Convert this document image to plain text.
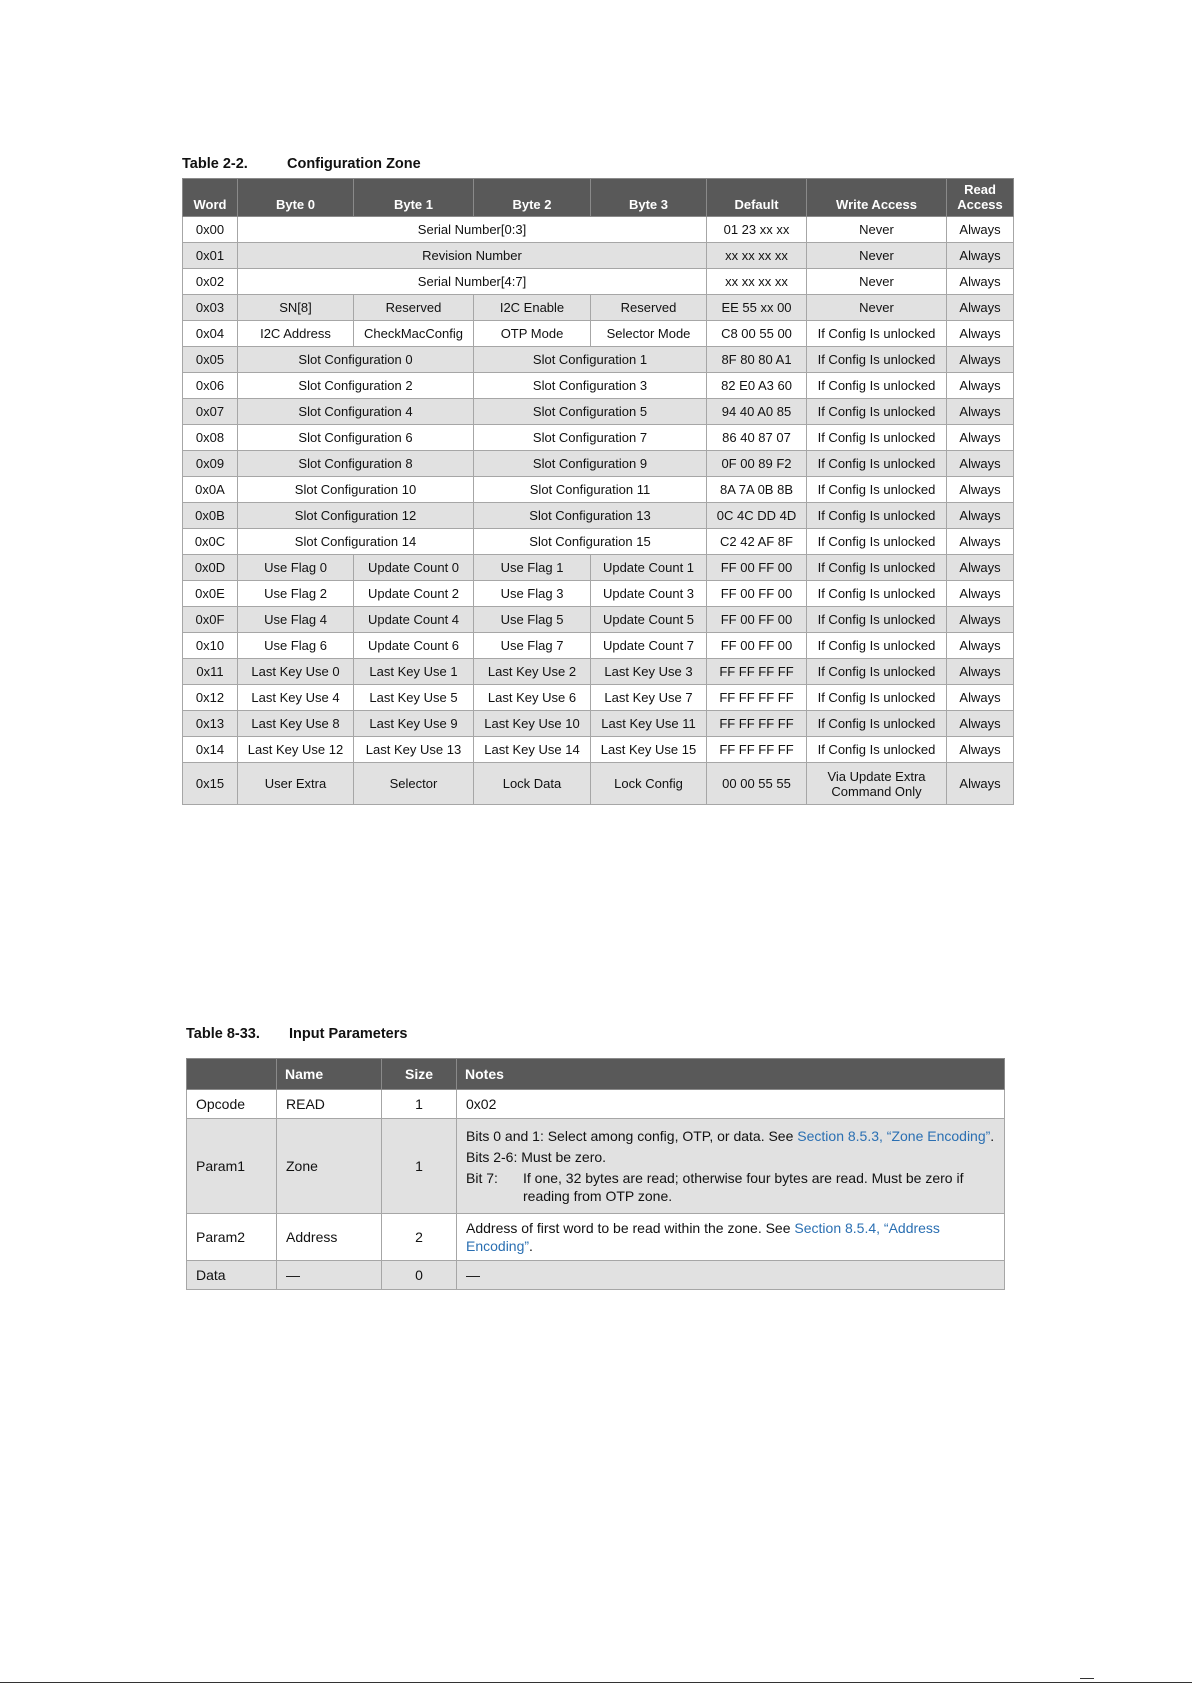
Table 2-2.	Configuration Zone
Word	Byte 0	Byte 1	Byte 2	Byte 3	Default	Write Access	Read
Access
0x00	Serial Number[0:3]				01 23 xx xx	Never	Always
0x01	Revision Number				xx xx xx xx	Never	Always
0x02	Serial Number[4:7]				xx xx xx xx	Never	Always
0x03	SN[8]	Reserved	I2C Enable	Reserved	EE 55 xx 00	Never	Always
0x04	I2C Address	CheckMacConfig	OTP Mode	Selector Mode	C8 00 55 00	If Config Is unlocked	Always
0x05	Slot Configuration 0		Slot Configuration 1		8F 80 80 A1	If Config Is unlocked	Always
0x06	Slot Configuration 2		Slot Configuration 3		82 E0 A3 60	If Config Is unlocked	Always
0x07	Slot Configuration 4		Slot Configuration 5		94 40 A0 85	If Config Is unlocked	Always
0x08	Slot Configuration 6		Slot Configuration 7		86 40 87 07	If Config Is unlocked	Always
0x09	Slot Configuration 8		Slot Configuration 9		0F 00 89 F2	If Config Is unlocked	Always
0x0A	Slot Configuration 10		Slot Configuration 11		8A 7A 0B 8B	If Config Is unlocked	Always
0x0B	Slot Configuration 12		Slot Configuration 13		0C 4C DD 4D	If Config Is unlocked	Always
0x0C	Slot Configuration 14		Slot Configuration 15		C2 42 AF 8F	If Config Is unlocked	Always
0x0D	Use Flag 0	Update Count 0	Use Flag 1	Update Count 1	FF 00 FF 00	If Config Is unlocked	Always
0x0E	Use Flag 2	Update Count 2	Use Flag 3	Update Count 3	FF 00 FF 00	If Config Is unlocked	Always
0x0F	Use Flag 4	Update Count 4	Use Flag 5	Update Count 5	FF 00 FF 00	If Config Is unlocked	Always
0x10	Use Flag 6	Update Count 6	Use Flag 7	Update Count 7	FF 00 FF 00	If Config Is unlocked	Always
0x11	Last Key Use 0	Last Key Use 1	Last Key Use 2	Last Key Use 3	FF FF FF FF	If Config Is unlocked	Always
0x12	Last Key Use 4	Last Key Use 5	Last Key Use 6	Last Key Use 7	FF FF FF FF	If Config Is unlocked	Always
0x13	Last Key Use 8	Last Key Use 9	Last Key Use 10	Last Key Use 11	FF FF FF FF	If Config Is unlocked	Always
0x14	Last Key Use 12	Last Key Use 13	Last Key Use 14	Last Key Use 15	FF FF FF FF	If Config Is unlocked	Always
0x15	User Extra	Selector	Lock Data	Lock Config	00 00 55 55	Via Update Extra Command Only	Always
Table 8-33. Input Parameters
	Name	Size	Notes
Opcode	READ	1	0x02
Param1	Zone	1	Bits 0 and 1: Select among config, OTP, or data. See Section 8.5.3, “Zone Encoding”.
Bits 2-6: Must be zero.
Bit 7: If one, 32 bytes are read; otherwise four bytes are read. Must be zero if reading from OTP zone.

Param2	Address	2	Address of first word to be read within the zone. See Section 8.5.4, “Address Encoding”.
Data	—	0	—
